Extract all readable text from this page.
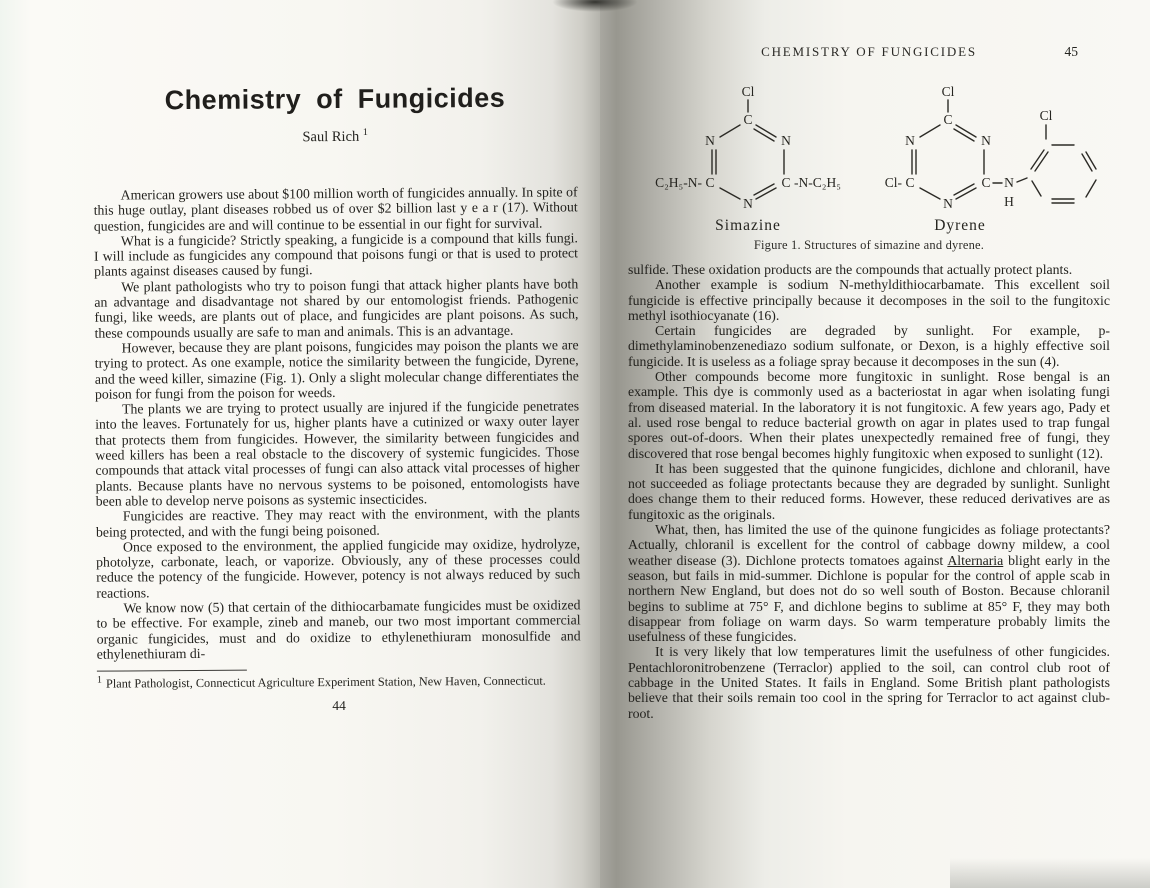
Chemistry of Fungicides
Saul Rich $^1$

American growers use about $100 million worth of fungicides annually. In spite of this huge outlay, plant diseases robbed us of over $2 billion last y e a r (17). Without question, fungicides are and will continue to be essential in our fight for survival.

What is a fungicide? Strictly speaking, a fungicide is a compound that kills fungi. I will include as fungicides any compound that poisons fungi or that is used to protect plants against diseases caused by fungi.

We plant pathologists who try to poison fungi that attack higher plants have both an advantage and disadvantage not shared by our entomologist friends. Pathogenic fungi, like weeds, are plants out of place, and fungicides are plant poisons. As such, these compounds usually are safe to man and animals. This is an advantage.

However, because they are plant poisons, fungicides may poison the plants we are trying to protect. As one example, notice the similarity between the fungicide, Dyrene, and the weed killer, simazine (Fig. 1). Only a slight molecular change differentiates the poison for fungi from the poison for weeds.

The plants we are trying to protect usually are injured if the fungicide penetrates into the leaves. Fortunately for us, higher plants have a cutinized or waxy outer layer that protects them from fungicides. However, the similarity between fungicides and weed killers has been a real obstacle to the discovery of systemic fungicides. Those compounds that attack vital processes of fungi can also attack vital processes of higher plants. Because plants have no nervous systems to be poisoned, entomologists have been able to develop nerve poisons as systemic insecticides.

Fungicides are reactive. They may react with the environment, with the plants being protected, and with the fungi being poisoned.

Once exposed to the environment, the applied fungicide may oxidize, hydrolyze, photolyze, carbonate, leach, or vaporize. Obviously, any of these processes could reduce the potency of the fungicide. However, potency is not always reduced by such reactions.

We know now (5) that certain of the dithiocarbamate fungicides must be oxidized to be effective. For example, zineb and maneb, our two most important commercial organic fungicides, must and do oxidize to ethylenethiuram monosulfide and ethylenethiuram di-

$^1$ Plant Pathologist, Connecticut Agriculture Experiment Station, New Haven, Connecticut.
44
CHEMISTRY OF FUNGICIDES	45
Cl
C
N
C
N
C
N
C₂H₅-N-	-N-C₂H₅
Simazine
Cl
C
N
C
N
C
N
Cl-	N
H
Cl
Dyrene
Figure 1. Structures of simazine and dyrene.

sulfide. These oxidation products are the compounds that actually protect plants.

Another example is sodium N-methyldithiocarbamate. This excellent soil fungicide is effective principally because it decomposes in the soil to the fungitoxic methyl isothiocyanate (16).

Certain fungicides are degraded by sunlight. For example, p-dimethylaminobenzenediazo sodium sulfonate, or Dexon, is a highly effective soil fungicide. It is useless as a foliage spray because it decomposes in the sun (4).

Other compounds become more fungitoxic in sunlight. Rose bengal is an example. This dye is commonly used as a bacteriostat in agar when isolating fungi from diseased material. In the laboratory it is not fungitoxic. A few years ago, Pady et al. used rose bengal to reduce bacterial growth on agar in plates used to trap fungal spores out-of-doors. When their plates unexpectedly remained free of fungi, they discovered that rose bengal becomes highly fungitoxic when exposed to sunlight (12).

It has been suggested that the quinone fungicides, dichlone and chloranil, have not succeeded as foliage protectants because they are degraded by sunlight. Sunlight does change them to their reduced forms. However, these reduced derivatives are as fungitoxic as the originals.

What, then, has limited the use of the quinone fungicides as foliage protectants? Actually, chloranil is excellent for the control of cabbage downy mildew, a cool weather disease (3). Dichlone protects tomatoes against Alternaria blight early in the season, but fails in mid-summer. Dichlone is popular for the control of apple scab in northern New England, but does not do so well south of Boston. Because chloranil begins to sublime at 75° F, and dichlone begins to sublime at 85° F, they may both disappear from foliage on warm days. So warm temperature probably limits the usefulness of these fungicides.

It is very likely that low temperatures limit the usefulness of other fungicides. Pentachloronitrobenzene (Terraclor) applied to the soil, can control club root of cabbage in the United States. It fails in England. Some British plant pathologists believe that their soils remain too cool in the spring for Terraclor to act against club-root.
